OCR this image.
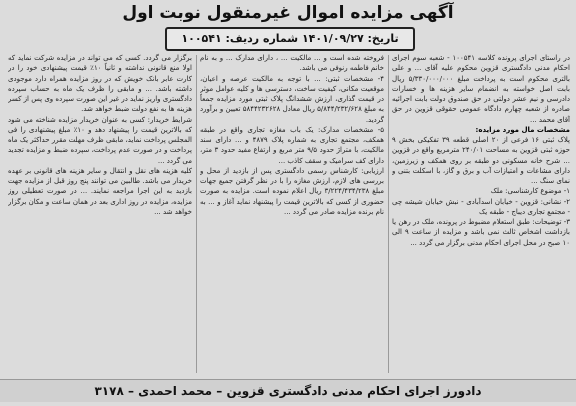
آگهی مزایده اموال غیرمنقول نوبت اول
تاریخ: ۱۴۰۱/۰۹/۲۷ شماره ردیف: ۱۰۰۵۴۱

در راستای اجرای پرونده کلاسه ۱۰۰۵۴۱ - شعبه سوم اجرای احکام مدنی دادگستری قزوین محکوم علیه آقای ... و علی بالتری محکوم است به پرداخت مبلغ ۵/۳۳۰/۰۰۰/۰۰۰ ریال بابت اصل خواسته به انضمام سایر هزینه ها و خسارات دادرسی و نیم عشر دولتی در حق صندوق دولت بابت اجرائیه صادره از شعبه چهارم دادگاه عمومی حقوقی قزوین در حق آقای محمد ...

مشخصات مال مورد مزایده:

پلاک ثبتی ۱۶ فرعی از ۲۰ اصلی قطعه ۳۹ تفکیکی بخش ۹ حوزه ثبتی قزوین به مساحت ۲۴۰/۰۱ مترمربع واقع در قزوین ... شرح خانه مسکونی دو طبقه بر روی همکف و زیرزمین، دارای مشاعات و امتیازات آب و برق و گاز، با اسکلت بتنی و نمای سنگ ...

۱- موضوع کارشناسی: ملک

۲- نشانی: قزوین - خیابان اسدآبادی - نبش خیابان شیشه چی - مجتمع تجاری دیباج - طبقه یک

۳- توضیحات: طبق استعلام مضبوط در پرونده، ملک در رهن یا بازداشت اشخاص ثالث نمی باشد و مزایده از ساعت ۹ الی ۱۰ صبح در محل اجرای احکام مدنی برگزار می گردد ...

فروخته شده است و ... مالکیت ... ، دارای مدارک ... و به نام خانم فاطمه رنوفی می باشد.

۴- مشخصات ثبتی: ... با توجه به مالکیت عرصه و اعیان، موقعیت مکانی، کیفیت ساخت، دسترسی ها و کلیه عوامل موثر در قیمت گذاری، ارزش ششدانگ پلاک ثبتی مورد مزایده جمعاً به مبلغ ۵/۸۴۴/۲۳۲/۶۲۸ ریال معادل ۵۸۴۴۲۳۲۶۲۸ تعیین و برآورد گردید.

۵- مشخصات مدارک: یک باب مغازه تجاری واقع در طبقه همکف، مجتمع تجاری به شماره پلاک ۴۸۷۹ و ... دارای سند مالکیت، با متراژ حدود ۹/۵ متر مربع و ارتفاع مفید حدود ۳ متر، دارای کف سرامیک و سقف کاذب ...

ارزیابی: کارشناس رسمی دادگستری پس از بازدید از محل و بررسی های لازم، ارزش مغازه را با در نظر گرفتن جمیع جهات مبلغ ۳/۲۲۴/۴۳۴/۲۳۸ ریال اعلام نموده است. مزایده به صورت حضوری از کسی که بالاترین قیمت را پیشنهاد نماید آغاز و ... به نام برنده مزایده صادر می گردد ...

برگزار می گردد. کسی که می تواند در مزایده شرکت نماید که اولا منع قانونی نداشته و ثانیاً ۱۰٪ قیمت پیشنهادی خود را در کارت عابر بانک خویش که در روز مزایده همراه دارد موجودی داشته باشد. ... و مابقی را ظرف یک ماه به حساب سپرده دادگستری واریز نماید در غیر این صورت سپرده وی پس از کسر هزینه ها به نفع دولت ضبط خواهد شد.

شرایط خریدار: کسی به عنوان خریدار مزایده شناخته می شود که بالاترین قیمت را پیشنهاد دهد و ۱۰٪ مبلغ پیشنهادی را فی المجلس پرداخت نماید، مابقی ظرف مهلت مقرر حداکثر یک ماه پرداخت و در صورت عدم پرداخت، سپرده ضبط و مزایده تجدید می گردد ...

کلیه هزینه های نقل و انتقال و سایر هزینه های قانونی بر عهده خریدار می باشد. طالبین می توانند پنج روز قبل از مزایده جهت بازدید به این اجرا مراجعه نمایند. ... در صورت تعطیلی روز مزایده، مزایده در روز اداری بعد در همان ساعت و مکان برگزار خواهد شد ...

دادورز اجرای احکام مدنی دادگستری قزوین – محمد احمدی – ۳۱۷۸
